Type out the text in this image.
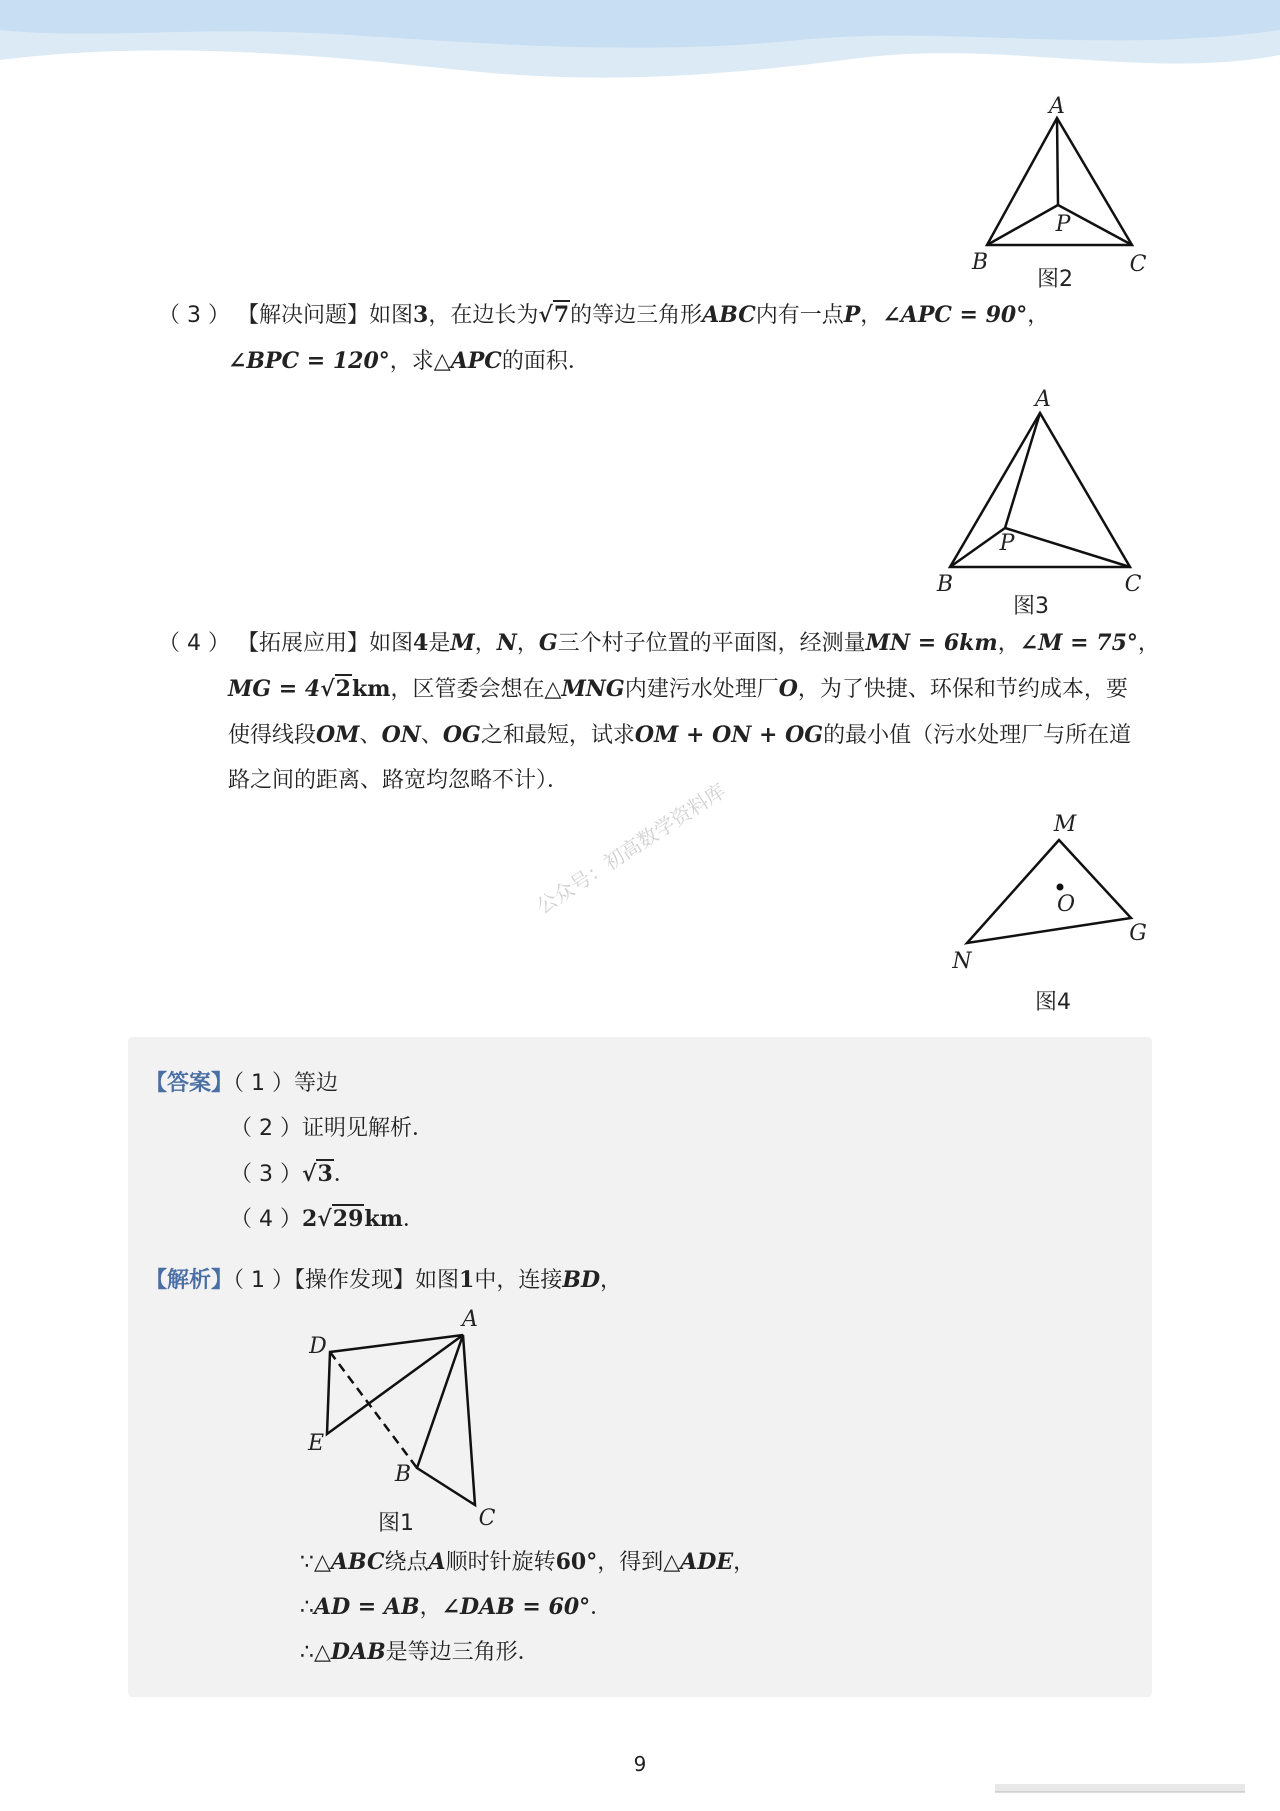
A
P
B	C
图2
（ 3 ） 【解决问题】如图3，在边长为√7的等边三角形ABC内有一点P，∠APC = 90°，
∠BPC = 120°，求△APC的面积．
A
P
B	C
图3
（ 4 ） 【拓展应用】如图4是M，N，G三个村子位置的平面图，经测量MN = 6km，∠M = 75°，
MG = 4√2km，区管委会想在△MNG内建污水处理厂O，为了快捷、环保和节约成本，要
使得线段OM、ON、OG之和最短，试求OM + ON + OG的最小值（污水处理厂与所在道
路之间的距离、路宽均忽略不计）．
M
O
G
N
图4
公众号：初高数学资料库
【答案】（ 1 ）等边
（ 2 ）证明见解析．
（ 3 ）√3．
（ 4 ）2√29km．
【解析】（ 1 ）【操作发现】如图1中，连接BD，
A
D
E
B
C
图1
∵△ABC绕点A顺时针旋转60°，得到△ADE，
∴AD = AB，∠DAB = 60°．
∴△DAB是等边三角形．
9
